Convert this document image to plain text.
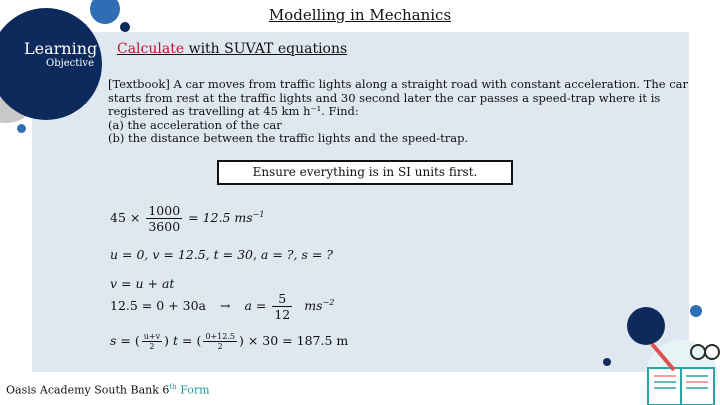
Modelling in Mechanics
Learning
Objective
Calculate with SUVAT equations
[Textbook] A car moves from traffic lights along a straight road with constant acceleration. The car
starts from rest at the traffic lights and 30 second later the car passes a speed-trap where it is
registered as travelling at 45 km h⁻¹. Find:
(a) the acceleration of the car
(b) the distance between the traffic lights and the speed-trap.
Ensure everything is in SI units first.
$45 \times \frac{1000}{3600} = 12.5$ $ms^{-1}$
u = 0, v = 12.5, t = 30, a = ?, s = ?
v = u + at
$12.5 = 0 + 30a \to a = \frac{5}{12} ms^{-2}$
s = ( $\frac{u+v}{2}$ ) t = ( $\frac{0+12.5}{2}$ ) × 30 = 187.5 m
Oasis Academy South Bank 6th Form
